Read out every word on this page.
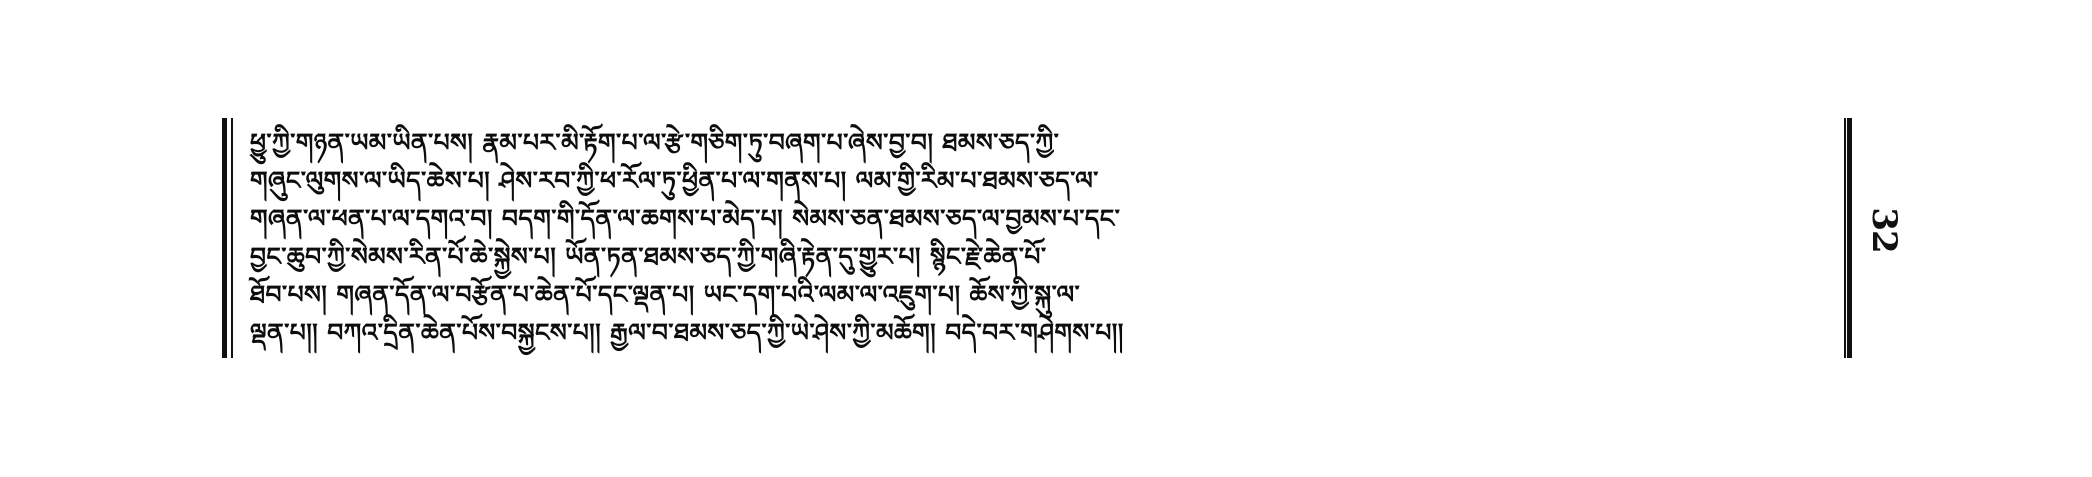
ཕྱུ་ཀྱི་གཉན་ཡམ་ཡིན་པས། རྣམ་པར་མི་རྟོག་པ་ལ་རྩེ་གཅིག་ཏུ་བཞག་པ་ཞེས་བྱ་བ། ཐམས་ཅད་ཀྱི་

གཞུང་ལུགས་ལ་ཡིད་ཆེས་པ། ཤེས་རབ་ཀྱི་ཕ་རོལ་ཏུ་ཕྱིན་པ་ལ་གནས་པ། ལམ་གྱི་རིམ་པ་ཐམས་ཅད་ལ་

གཞན་ལ་ཕན་པ་ལ་དགའ་བ། བདག་གི་དོན་ལ་ཆགས་པ་མེད་པ། སེམས་ཅན་ཐམས་ཅད་ལ་བྱམས་པ་དང་

བྱང་ཆུབ་ཀྱི་སེམས་རིན་པོ་ཆེ་སྐྱེས་པ། ཡོན་ཏན་ཐམས་ཅད་ཀྱི་གཞི་རྟེན་དུ་གྱུར་པ། སྙིང་རྗེ་ཆེན་པོ་

ཐོབ་པས། གཞན་དོན་ལ་བརྩོན་པ་ཆེན་པོ་དང་ལྡན་པ། ཡང་དག་པའི་ལམ་ལ་འཇུག་པ། ཆོས་ཀྱི་སྐུ་ལ་

ལྡན་པ།། བཀའ་དྲིན་ཆེན་པོས་བསྐྱངས་པ།། རྒྱལ་བ་ཐམས་ཅད་ཀྱི་ཡེ་ཤེས་ཀྱི་མཆོག། བདེ་བར་གཤེགས་པ།།

32
